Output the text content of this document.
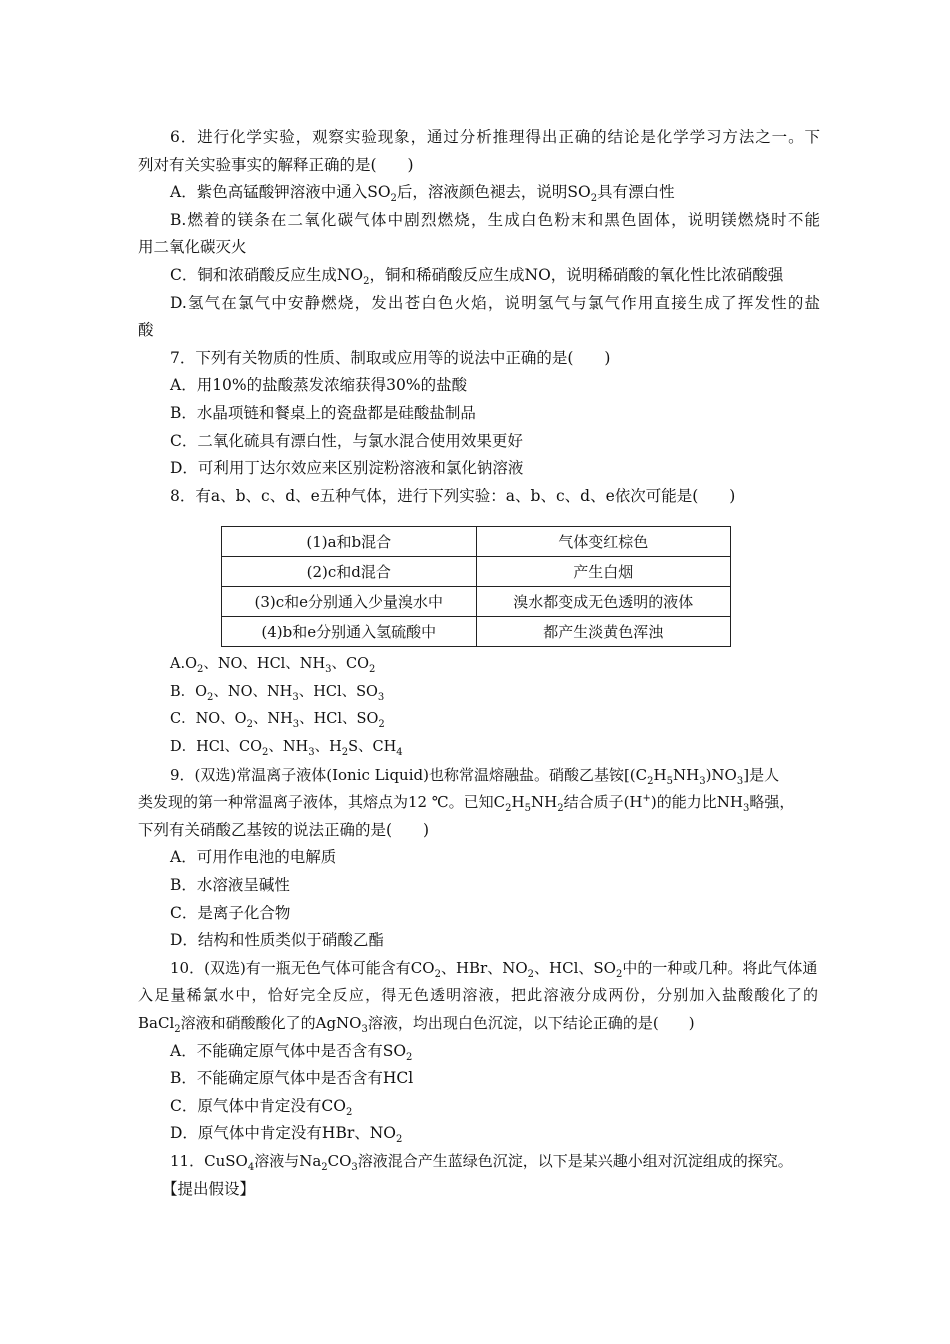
6．进行化学实验，观察实验现象，通过分析推理得出正确的结论是化学学习方法之一。下
列对有关实验事实的解释正确的是(　　)
A．紫色高锰酸钾溶液中通入$SO_2$后，溶液颜色褪去，说明$SO_2$具有漂白性
B.燃着的镁条在二氧化碳气体中剧烈燃烧，生成白色粉末和黑色固体，说明镁燃烧时不能
用二氧化碳灭火
C．铜和浓硝酸反应生成$NO_2$，铜和稀硝酸反应生成NO，说明稀硝酸的氧化性比浓硝酸强
D.氢气在氯气中安静燃烧，发出苍白色火焰，说明氢气与氯气作用直接生成了挥发性的盐
酸
7．下列有关物质的性质、制取或应用等的说法中正确的是(　　)
A．用10%的盐酸蒸发浓缩获得30%的盐酸
B．水晶项链和餐桌上的瓷盘都是硅酸盐制品
C．二氧化硫具有漂白性，与氯水混合使用效果更好
D．可利用丁达尔效应来区别淀粉溶液和氯化钠溶液
8．有a、b、c、d、e五种气体，进行下列实验：a、b、c、d、e依次可能是(　　)
(1)a和b混合	气体变红棕色
(2)c和d混合	产生白烟
(3)c和e分别通入少量溴水中	溴水都变成无色透明的液体
(4)b和e分别通入氢硫酸中	都产生淡黄色浑浊
$A.O_2$、NO、HCl、$NH_3$、$CO_2$
B．$O_2$、NO、$NH_3$、HCl、$SO_3$
C．NO、$O_2$、$NH_3$、HCl、$SO_2$
D．HCl、$CO_2$、$NH_3$、$H_2S$、$CH_4$
9．(双选)常温离子液体(Ionic Liquid)也称常温熔融盐。硝酸乙基铵$[(C_2H_5NH_3)NO_3]$是人
类发现的第一种常温离子液体，其熔点为12 ℃。已知$C_2H_5NH_2$结合质子(H+)的能力比$NH_3$略强，
下列有关硝酸乙基铵的说法正确的是(　　)
A．可用作电池的电解质
B．水溶液呈碱性
C．是离子化合物
D．结构和性质类似于硝酸乙酯
10．(双选)有一瓶无色气体可能含有$CO_2$、HBr、$NO_2$、HCl、$SO_2$中的一种或几种。将此气体通
入足量稀氯水中，恰好完全反应，得无色透明溶液，把此溶液分成两份，分别加入盐酸酸化了的
BaCl$_2$溶液和硝酸酸化了的AgNO$_3$溶液，均出现白色沉淀，以下结论正确的是(　　)
A．不能确定原气体中是否含有$SO_2$
B．不能确定原气体中是否含有HCl
C．原气体中肯定没有$CO_2$
D．原气体中肯定没有HBr、$NO_2$
11．CuSO$_4$溶液与$Na_2CO_3$溶液混合产生蓝绿色沉淀，以下是某兴趣小组对沉淀组成的探究。
【提出假设】
